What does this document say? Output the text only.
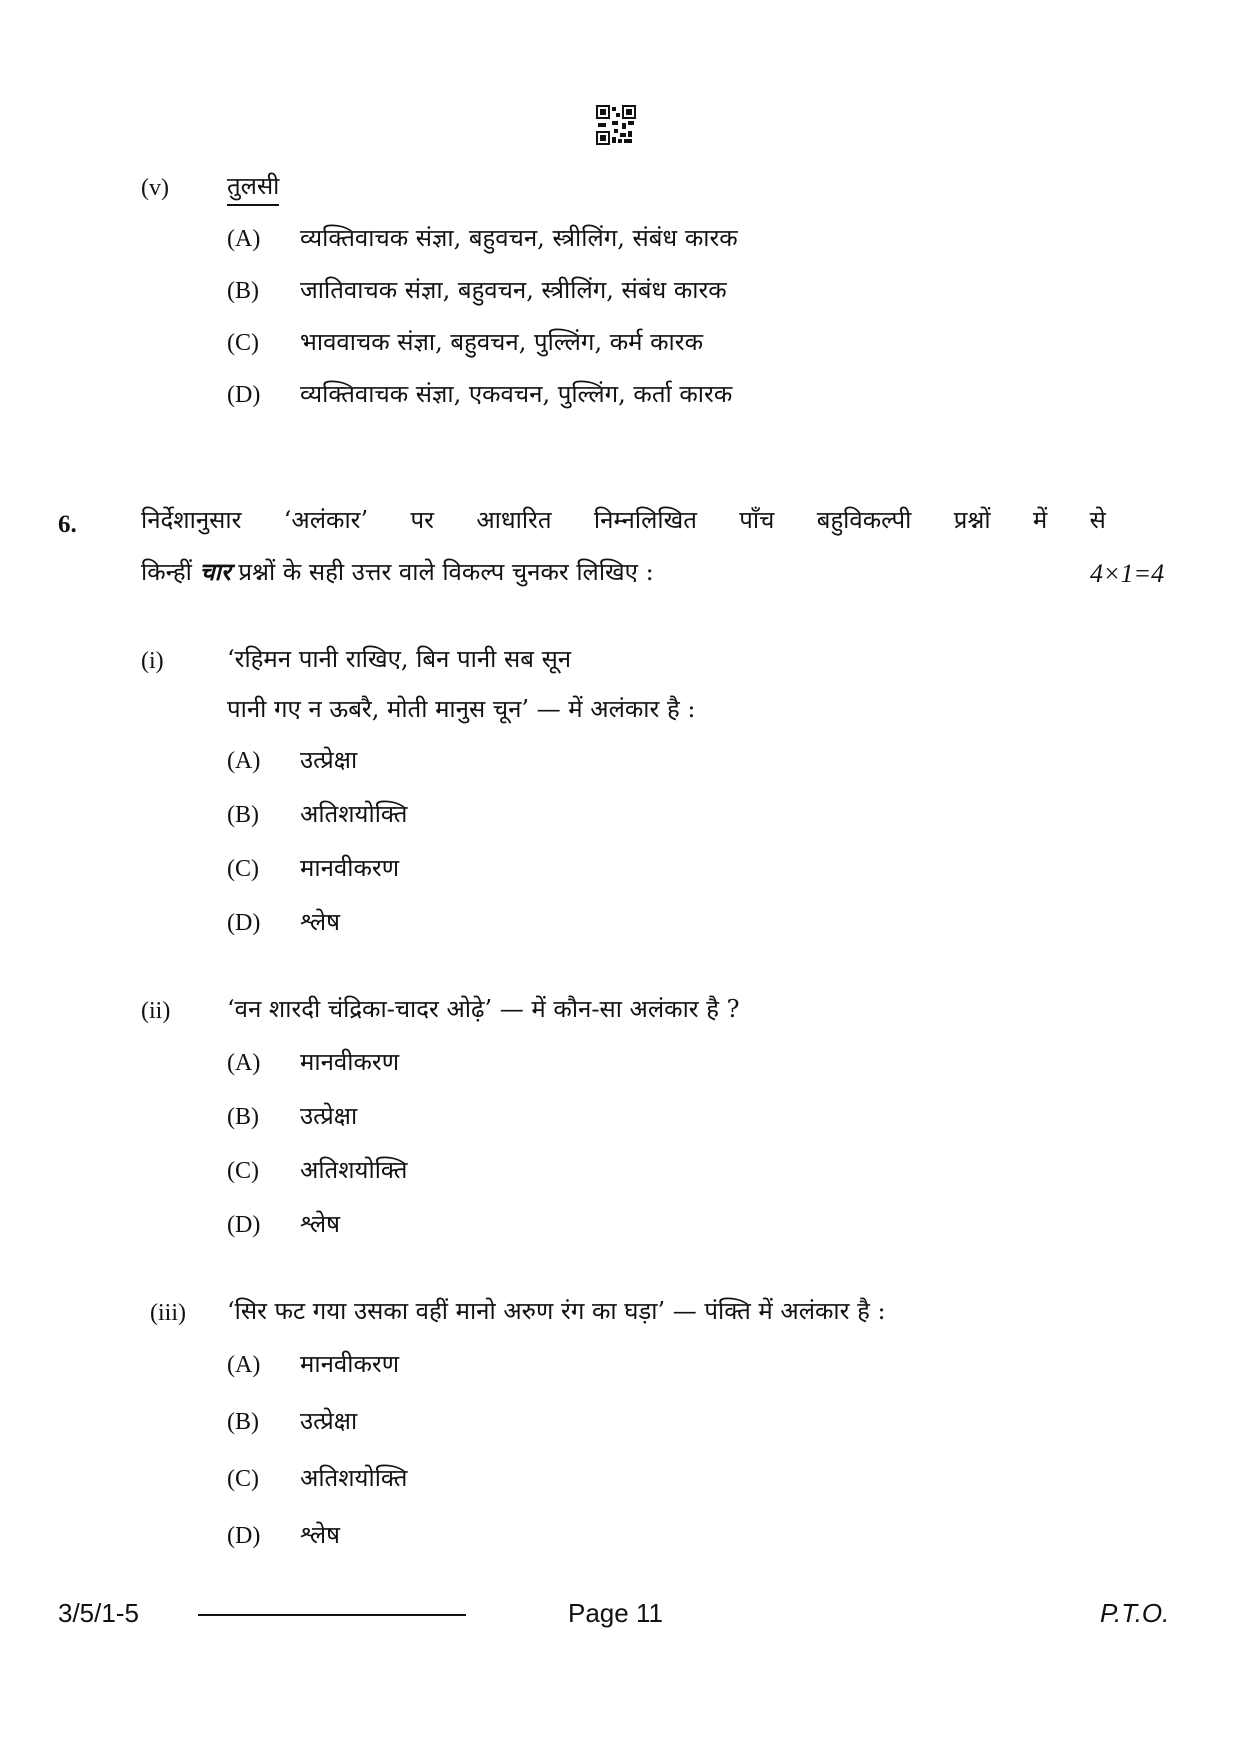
(v) तुलसी
(A) व्यक्तिवाचक संज्ञा, बहुवचन, स्त्रीलिंग, संबंध कारक
(B) जातिवाचक संज्ञा, बहुवचन, स्त्रीलिंग, संबंध कारक
(C) भाववाचक संज्ञा, बहुवचन, पुल्लिंग, कर्म कारक
(D) व्यक्तिवाचक संज्ञा, एकवचन, पुल्लिंग, कर्ता कारक
6.	निर्देशानुसार ‘अलंकार’ पर आधारित निम्नलिखित पाँच बहुविकल्पी प्रश्नों में से
किन्हीं चार प्रश्नों के सही उत्तर वाले विकल्प चुनकर लिखिए :	4×1=4
(i)	‘रहिमन पानी राखिए, बिन पानी सब सून
पानी गए न ऊबरै, मोती मानुस चून’ — में अलंकार है :
(A) उत्प्रेक्षा
(B) अतिशयोक्ति
(C) मानवीकरण
(D) श्लेष
(ii) ‘वन शारदी चंद्रिका-चादर ओढ़े’ — में कौन-सा अलंकार है ?
(A) मानवीकरण
(B) उत्प्रेक्षा
(C) अतिशयोक्ति
(D) श्लेष
(iii) ‘सिर फट गया उसका वहीं मानो अरुण रंग का घड़ा’ — पंक्ति में अलंकार है :
(A) मानवीकरण
(B) उत्प्रेक्षा
(C) अतिशयोक्ति
(D) श्लेष
3/5/1-5	Page 11	P.T.O.
